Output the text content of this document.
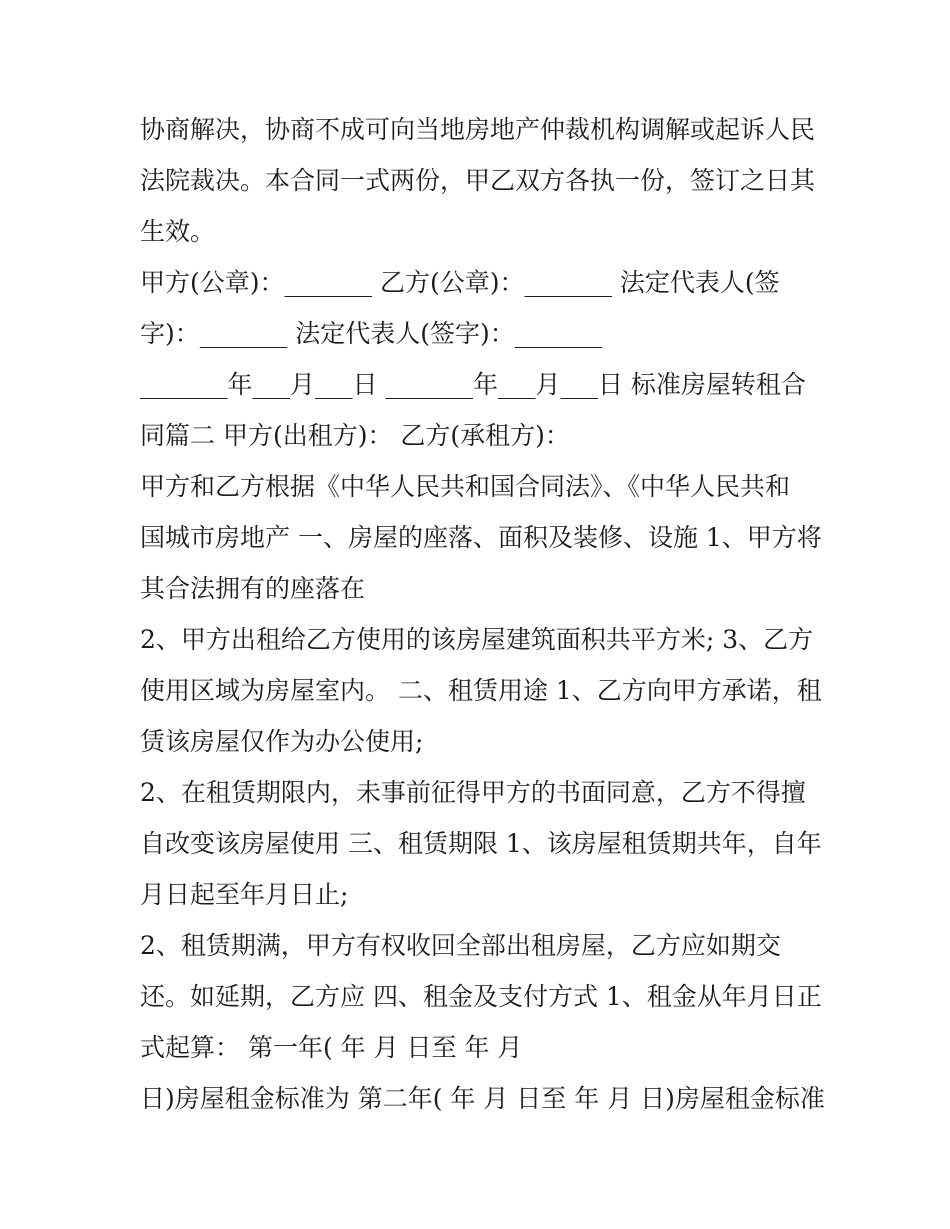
协商解决，协商不成可向当地房地产仲裁机构调解或起诉人民
法院裁决。本合同一式两份，甲乙双方各执一份，签订之日其
生效。
甲方(公章)：_______ 乙方(公章)：_______ 法定代表人(签
字)：_______ 法定代表人(签字)：_______
_______年___月___日 _______年___月___日 标准房屋转租合
同篇二 甲方(出租方)： 乙方(承租方)：
甲方和乙方根据《中华人民共和国合同法》、《中华人民共和
国城市房地产 一、房屋的座落、面积及装修、设施 1、甲方将
其合法拥有的座落在
2、甲方出租给乙方使用的该房屋建筑面积共平方米; 3、乙方
使用区域为房屋室内。 二、租赁用途 1、乙方向甲方承诺，租
赁该房屋仅作为办公使用;
2、在租赁期限内，未事前征得甲方的书面同意，乙方不得擅
自改变该房屋使用 三、租赁期限 1、该房屋租赁期共年，自年
月日起至年月日止;
2、租赁期满，甲方有权收回全部出租房屋，乙方应如期交
还。如延期，乙方应 四、租金及支付方式 1、租金从年月日正
式起算： 第一年( 年 月 日至 年 月
日)房屋租金标准为 第二年( 年 月 日至 年 月 日)房屋租金标准
